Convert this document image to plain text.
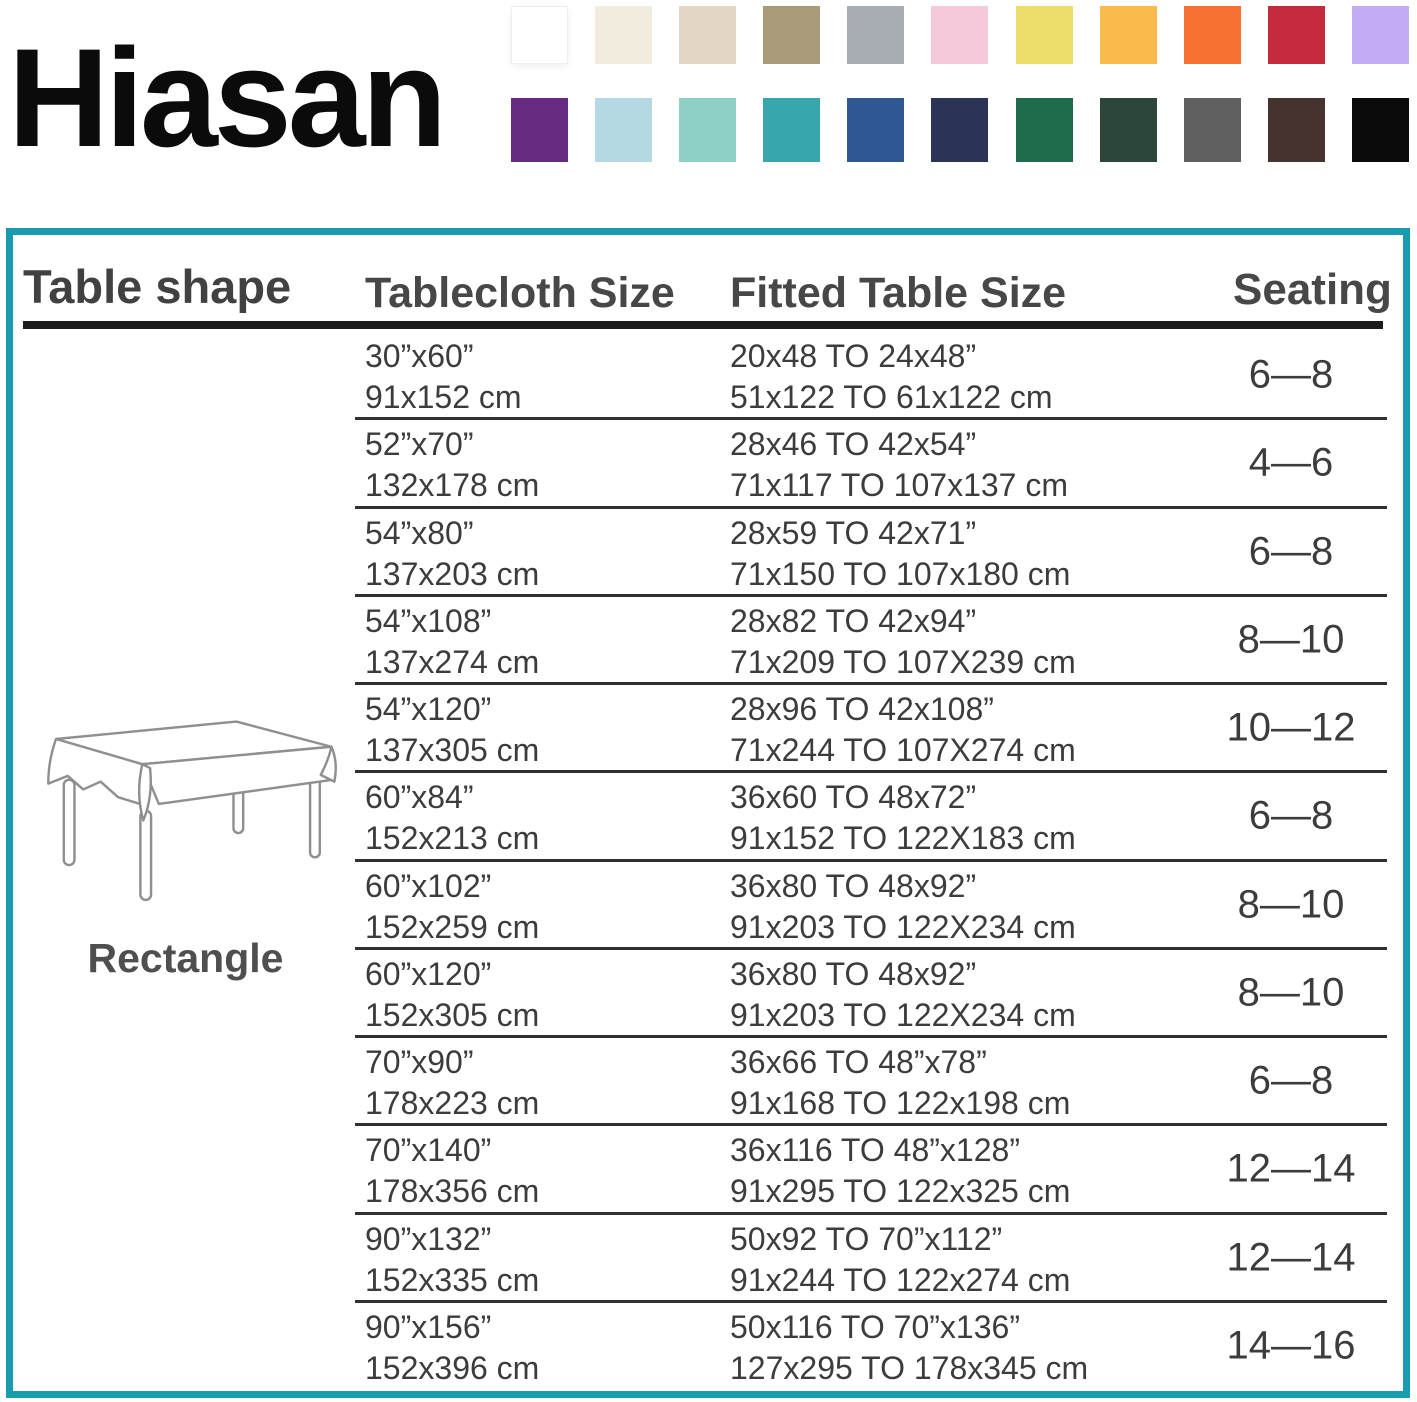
Hiasan
Table shape Tablecloth Size Fitted Table Size	Seating
Rectangle
30”x60”
91x152 cm
20x48 TO 24x48”
51x122 TO 61x122 cm
6—8
52”x70”
132x178 cm
28x46 TO 42x54”
71x117 TO 107x137 cm
4—6
54”x80”
137x203 cm
28x59 TO 42x71”
71x150 TO 107x180 cm
6—8
54”x108”
137x274 cm
28x82 TO 42x94”
71x209 TO 107X239 cm
8—10
54”x120”
137x305 cm
28x96 TO 42x108”
71x244 TO 107X274 cm
10—12
60”x84”
152x213 cm
36x60 TO 48x72”
91x152 TO 122X183 cm
6—8
60”x102”
152x259 cm
36x80 TO 48x92”
91x203 TO 122X234 cm
8—10
60”x120”
152x305 cm
36x80 TO 48x92”
91x203 TO 122X234 cm
8—10
70”x90”
178x223 cm
36x66 TO 48”x78”
91x168 TO 122x198 cm
6—8
70”x140”
178x356 cm
36x116 TO 48”x128”
91x295 TO 122x325 cm
12—14
90”x132”
152x335 cm
50x92 TO 70”x112”
91x244 TO 122x274 cm
12—14
90”x156”
152x396 cm
50x116 TO 70”x136”
127x295 TO 178x345 cm
14—16
